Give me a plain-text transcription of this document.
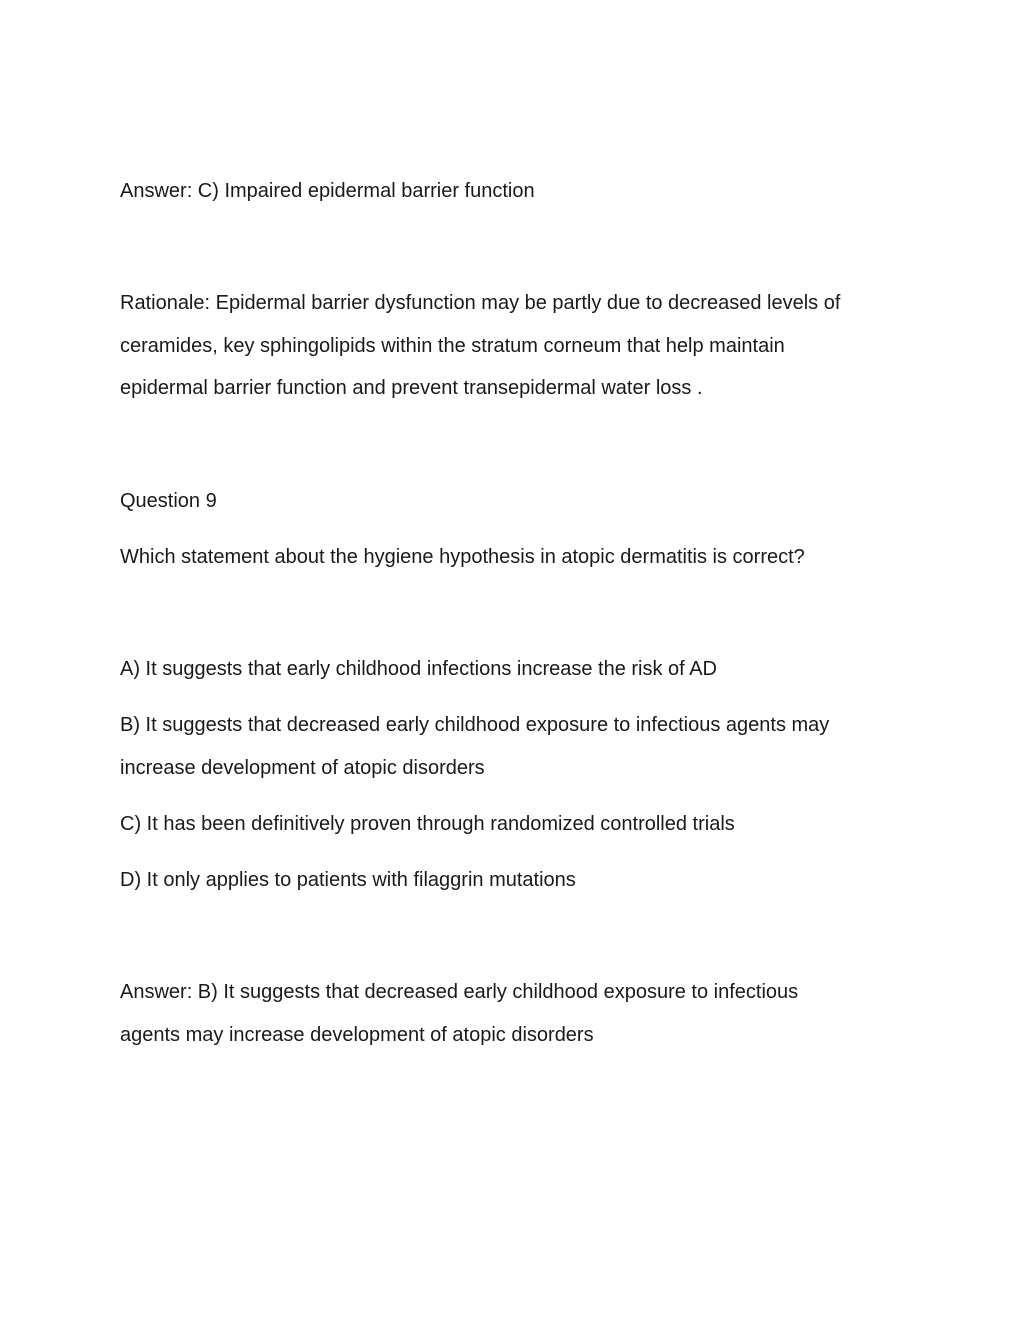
Answer: C) Impaired epidermal barrier function
Rationale: Epidermal barrier dysfunction may be partly due to decreased levels of
ceramides, key sphingolipids within the stratum corneum that help maintain
epidermal barrier function and prevent transepidermal water loss .
Question 9
Which statement about the hygiene hypothesis in atopic dermatitis is correct?
A) It suggests that early childhood infections increase the risk of AD
B) It suggests that decreased early childhood exposure to infectious agents may
increase development of atopic disorders
C) It has been definitively proven through randomized controlled trials
D) It only applies to patients with filaggrin mutations
Answer: B) It suggests that decreased early childhood exposure to infectious
agents may increase development of atopic disorders
